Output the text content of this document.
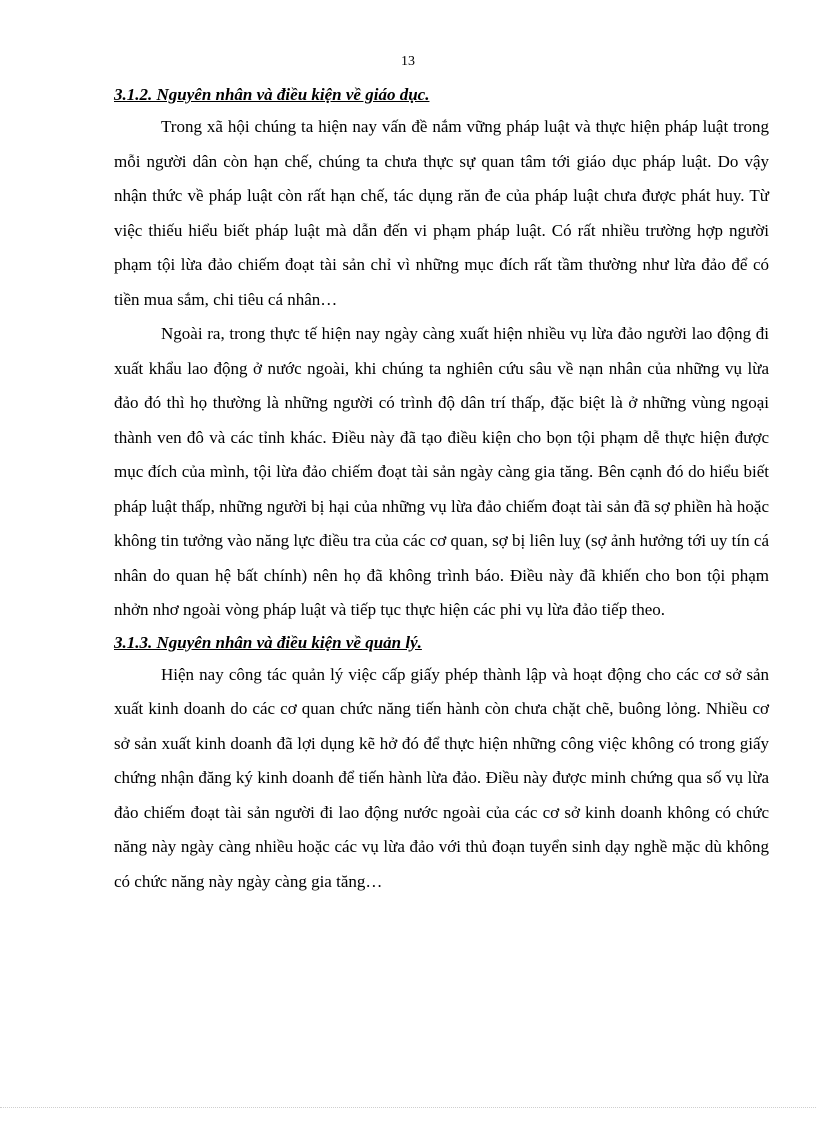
13
3.1.2. Nguyên nhân và điều kiện về giáo dục.

Trong xã hội chúng ta hiện nay vấn đề nắm vững pháp luật và thực hiện pháp luật trong mỗi người dân còn hạn chế, chúng ta chưa thực sự quan tâm tới giáo dục pháp luật. Do vậy nhận thức về pháp luật còn rất hạn chế, tác dụng răn đe của pháp luật chưa được phát huy. Từ việc thiếu hiểu biết pháp luật mà dẫn đến vi phạm pháp luật. Có rất nhiều trường hợp người phạm tội lừa đảo chiếm đoạt tài sản chỉ vì những mục đích rất tầm thường như lừa đảo để có tiền mua sắm, chi tiêu cá nhân…

Ngoài ra, trong thực tế hiện nay ngày càng xuất hiện nhiều vụ lừa đảo người lao động đi xuất khẩu lao động ở nước ngoài, khi chúng ta nghiên cứu sâu về nạn nhân của những vụ lừa đảo đó thì họ thường là những người có trình độ dân trí thấp, đặc biệt là ở những vùng ngoại thành ven đô và các tỉnh khác. Điều này đã tạo điều kiện cho bọn tội phạm dễ thực hiện được mục đích của mình, tội lừa đảo chiếm đoạt tài sản ngày càng gia tăng. Bên cạnh đó do hiểu biết pháp luật thấp, những người bị hại của những vụ lừa đảo chiếm đoạt tài sản đã sợ phiền hà hoặc không tin tưởng vào năng lực điều tra của các cơ quan, sợ bị liên luỵ (sợ ảnh hưởng tới uy tín cá nhân do quan hệ bất chính) nên họ đã không trình báo. Điều này đã khiến cho bon tội phạm nhởn nhơ ngoài vòng pháp luật và tiếp tục thực hiện các phi vụ lừa đảo tiếp theo.

3.1.3. Nguyên nhân và điều kiện về quản lý.

Hiện nay công tác quản lý việc cấp giấy phép thành lập và hoạt động cho các cơ sở sản xuất kinh doanh do các cơ quan chức năng tiến hành còn chưa chặt chẽ, buông lỏng. Nhiều cơ sở sản xuất kinh doanh đã lợi dụng kẽ hở đó để thực hiện những công việc không có trong giấy chứng nhận đăng ký kinh doanh để tiến hành lừa đảo. Điều này được minh chứng qua số vụ lừa đảo chiếm đoạt tài sản người đi lao động nước ngoài của các cơ sở kinh doanh không có chức năng này ngày càng nhiều hoặc các vụ lừa đảo với thủ đoạn tuyển sinh dạy nghề mặc dù không có chức năng này ngày càng gia tăng…
